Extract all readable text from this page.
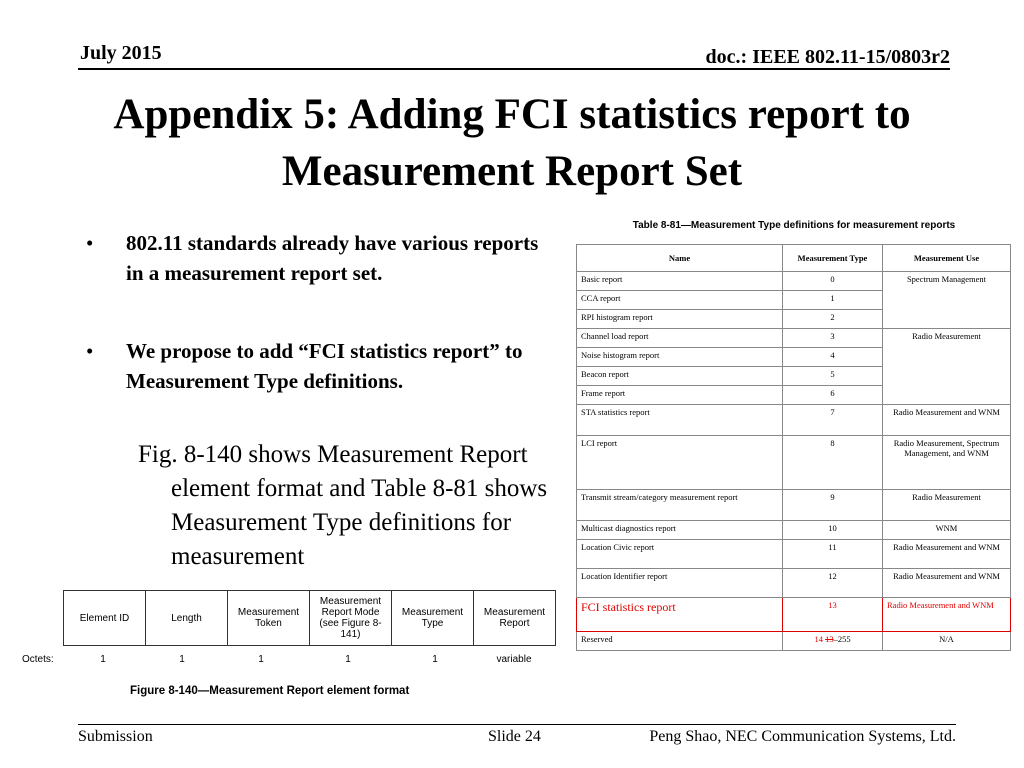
July 2015	doc.: IEEE 802.11-15/0803r2
Appendix 5: Adding FCI statistics report to Measurement Report Set
•	802.11 standards already have various reports in a measurement report set.
•	We propose to add “FCI statistics report” to Measurement Type definitions.
Fig. 8-140 shows Measurement Report element format and Table 8-81 shows Measurement Type definitions for measurement
Table 8-81—Measurement Type definitions for measurement reports
Name	Measurement Type	Measurement Use
Basic report	0	Spectrum Management
CCA report	1	
RPI histogram report	2	
Channel load report	3	Radio Measurement
Noise histogram report	4	
Beacon report	5	
Frame report	6	
STA statistics report	7	Radio Measurement and WNM
LCI report	8	Radio Measurement, Spectrum Management, and WNM
Transmit stream/category measurement report	9	Radio Measurement
Multicast diagnostics report	10	WNM
Location Civic report	11	Radio Measurement and WNM
Location Identifier report	12	Radio Measurement and WNM
FCI statistics report	13	Radio Measurement and WNM
Reserved	14 13–255	N/A
Element ID	Length	Measurement Token	Measurement Report Mode (see Figure 8-141)	Measurement Type	Measurement Report
Octets:	1	1	1	1	1	variable
Figure 8-140—Measurement Report element format
Submission	Slide 24	Peng Shao, NEC Communication Systems, Ltd.
